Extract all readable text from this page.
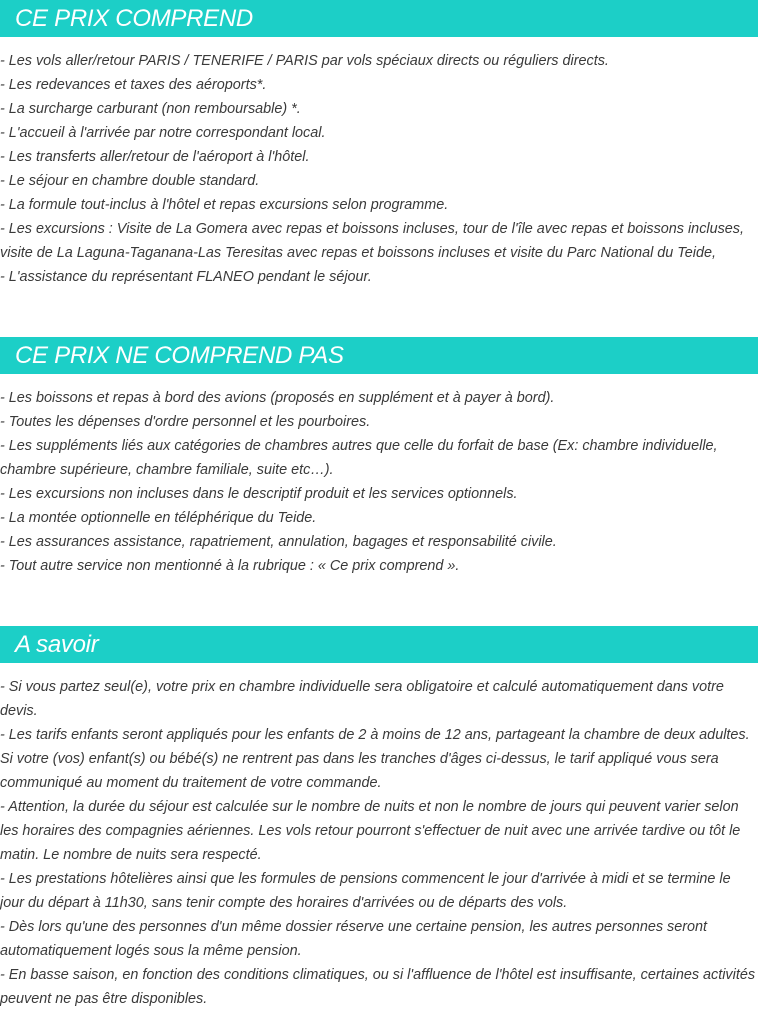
CE PRIX COMPREND

- Les vols aller/retour PARIS / TENERIFE / PARIS par vols spéciaux directs ou réguliers directs.

- Les redevances et taxes des aéroports*.

- La surcharge carburant (non remboursable) *.

- L'accueil à l'arrivée par notre correspondant local.

- Les transferts aller/retour de l'aéroport à l'hôtel.

- Le séjour en chambre double standard.

- La formule tout-inclus à l'hôtel et repas excursions selon programme.

- Les excursions : Visite de La Gomera avec repas et boissons incluses, tour de l'île avec repas et boissons incluses, visite de La Laguna-Taganana-Las Teresitas avec repas et boissons incluses et visite du Parc National du Teide,

- L'assistance du représentant FLANEO pendant le séjour.

CE PRIX NE COMPREND PAS

- Les boissons et repas à bord des avions (proposés en supplément et à payer à bord).

- Toutes les dépenses d'ordre personnel et les pourboires.

- Les suppléments liés aux catégories de chambres autres que celle du forfait de base (Ex: chambre individuelle, chambre supérieure, chambre familiale, suite etc…).

- Les excursions non incluses dans le descriptif produit et les services optionnels.

- La montée optionnelle en téléphérique du Teide.

- Les assurances assistance, rapatriement, annulation, bagages et responsabilité civile.

- Tout autre service non mentionné à la rubrique : « Ce prix comprend ».

A savoir

- Si vous partez seul(e), votre prix en chambre individuelle sera obligatoire et calculé automatiquement dans votre devis.

- Les tarifs enfants seront appliqués pour les enfants de 2 à moins de 12 ans, partageant la chambre de deux adultes.

Si votre (vos) enfant(s) ou bébé(s) ne rentrent pas dans les tranches d'âges ci-dessus, le tarif appliqué vous sera communiqué au moment du traitement de votre commande.

- Attention, la durée du séjour est calculée sur le nombre de nuits et non le nombre de jours qui peuvent varier selon les horaires des compagnies aériennes. Les vols retour pourront s'effectuer de nuit avec une arrivée tardive ou tôt le matin. Le nombre de nuits sera respecté.

- Les prestations hôtelières ainsi que les formules de pensions commencent le jour d'arrivée à midi et se termine le jour du départ à 11h30, sans tenir compte des horaires d'arrivées ou de départs des vols.

- Dès lors qu'une des personnes d'un même dossier réserve une certaine pension, les autres personnes seront automatiquement logés sous la même pension.

- En basse saison, en fonction des conditions climatiques, ou si l'affluence de l'hôtel est insuffisante, certaines activités peuvent ne pas être disponibles.
